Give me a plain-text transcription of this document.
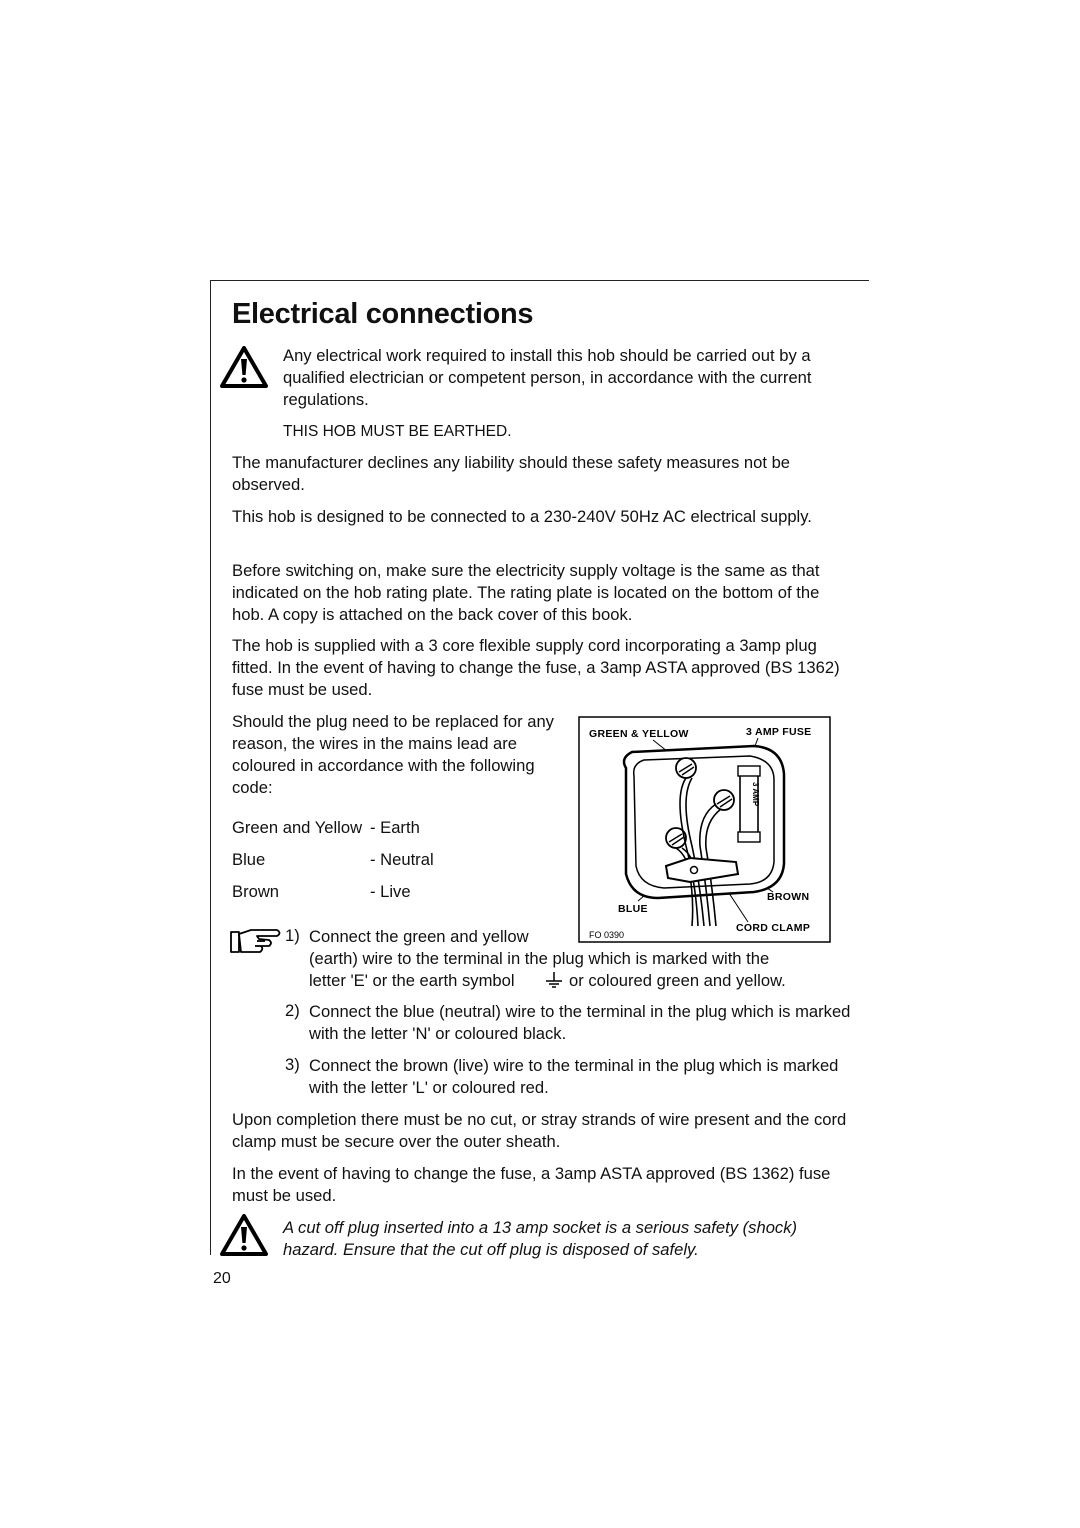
Electrical connections

Any electrical work required to install this hob should be carried out by a qualified electrician or competent person, in accordance with the current regulations.

THIS HOB MUST BE EARTHED.

The manufacturer declines any liability should these safety measures not be observed.

This hob is designed to be connected to a 230-240V 50Hz AC electrical supply.

Before switching on, make sure the electricity supply voltage is the same as that indicated on the hob rating plate. The rating plate is located on the bottom of the hob. A copy is attached on the back cover of this book.

The hob is supplied with a 3 core flexible supply cord incorporating a 3amp plug fitted. In the event of having to change the fuse, a 3amp ASTA approved (BS 1362) fuse must be used.

Should the plug need to be replaced for any reason, the wires in the mains lead are coloured in accordance with the following code:

Green and Yellow - Earth
Blue	- Neutral
Brown	- Live
GREEN & YELLOW	3 AMP FUSE
FO 0390
BLUE
BROWN
CORD CLAMP
3 AMP
1) Connect the green and yellow
(earth) wire to the terminal in the plug which is marked with the
letter 'E' or the earth symbol	or coloured green and yellow.
2) Connect the blue (neutral) wire to the terminal in the plug which is marked with the letter 'N' or coloured black.

3) Connect the brown (live) wire to the terminal in the plug which is marked with the letter 'L' or coloured red.

Upon completion there must be no cut, or stray strands of wire present and the cord clamp must be secure over the outer sheath.

In the event of having to change the fuse, a 3amp ASTA approved (BS 1362) fuse must be used.

A cut off plug inserted into a 13 amp socket is a serious safety (shock) hazard. Ensure that the cut off plug is disposed of safely.

20
